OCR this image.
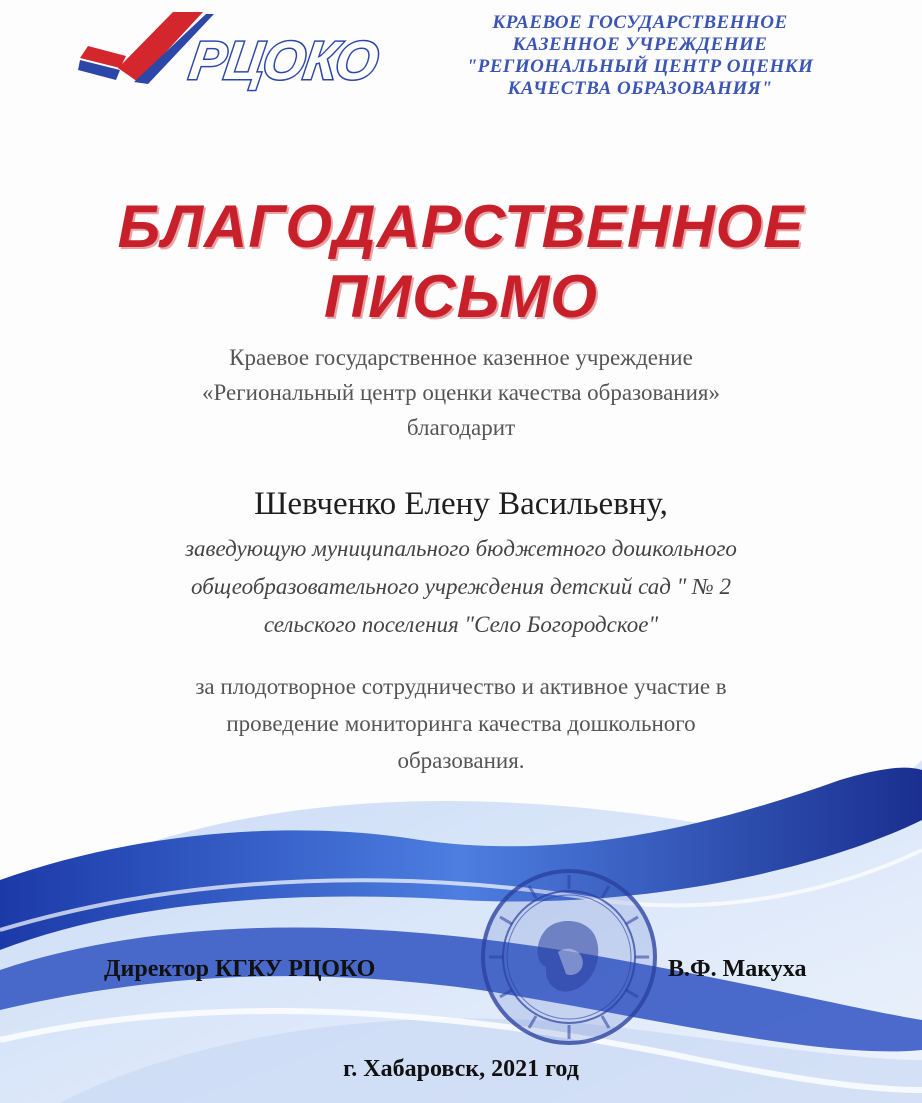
РЦОКО
КРАЕВОЕ ГОСУДАРСТВЕННОЕ
КАЗЕННОЕ УЧРЕЖДЕНИЕ
"РЕГИОНАЛЬНЫЙ ЦЕНТР ОЦЕНКИ
КАЧЕСТВА ОБРАЗОВАНИЯ"
БЛАГОДАРСТВЕННОЕ
ПИСЬМО
Краевое государственное казенное учреждение
«Региональный центр оценки качества образования»
благодарит
Шевченко Елену Васильевну,
заведующую муниципального бюджетного дошкольного
общеобразовательного учреждения детский сад " № 2
сельского поселения "Село Богородское"
за плодотворное сотрудничество и активное участие в
проведение мониторинга качества дошкольного
образования.
Директор КГКУ РЦОКО	В.Ф. Макуха
г. Хабаровск, 2021 год
